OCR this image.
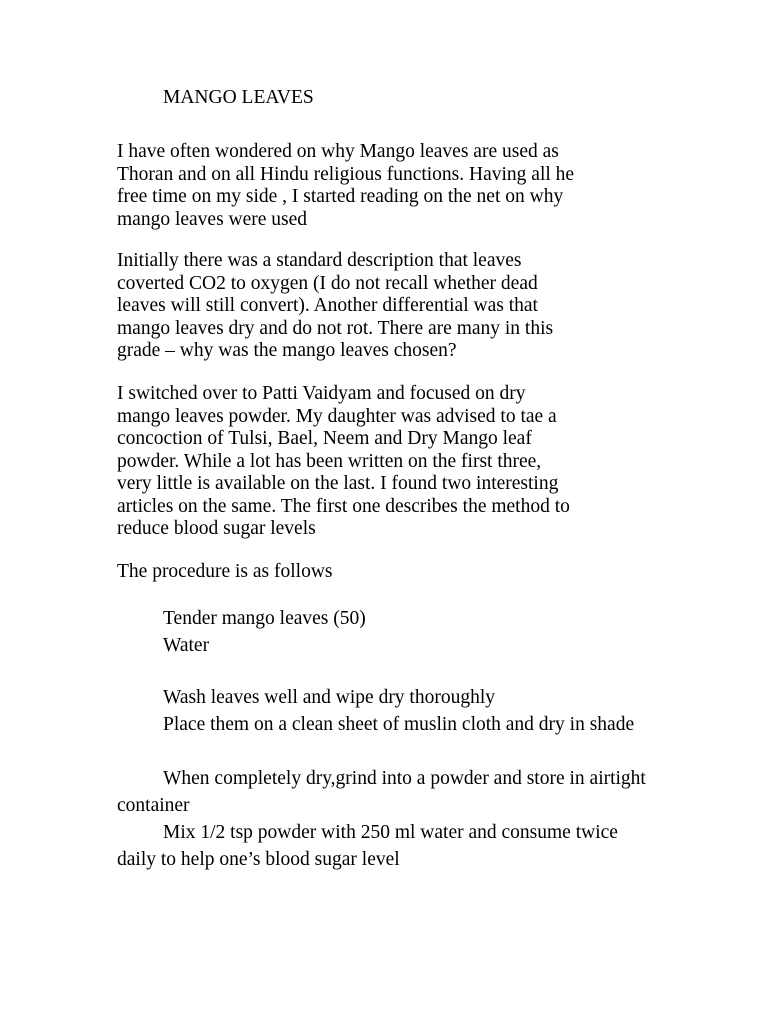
MANGO LEAVES

I have often wondered on why Mango leaves are used as
Thoran and on all Hindu religious functions. Having all he
free time on my side , I started reading on the net on why
mango leaves were used

Initially there was a standard description that leaves
coverted CO2 to oxygen (I do not recall whether dead
leaves will still convert). Another differential was that
mango leaves dry and do not rot. There are many in this
grade – why was the mango leaves chosen?

I switched over to Patti Vaidyam and focused on dry
mango leaves powder. My daughter was advised to tae a
concoction of Tulsi, Bael, Neem and Dry Mango leaf
powder. While a lot has been written on the first three,
very little is available on the last. I found two interesting
articles on the same. The first one describes the method to
reduce blood sugar levels

The procedure is as follows

Tender mango leaves (50)

Water

Wash leaves well and wipe dry thoroughly

Place them on a clean sheet of muslin cloth and dry in shade

When completely dry,grind into a powder and store in airtight container

Mix 1/2 tsp powder with 250 ml water and consume twice daily to help one’s blood sugar level
